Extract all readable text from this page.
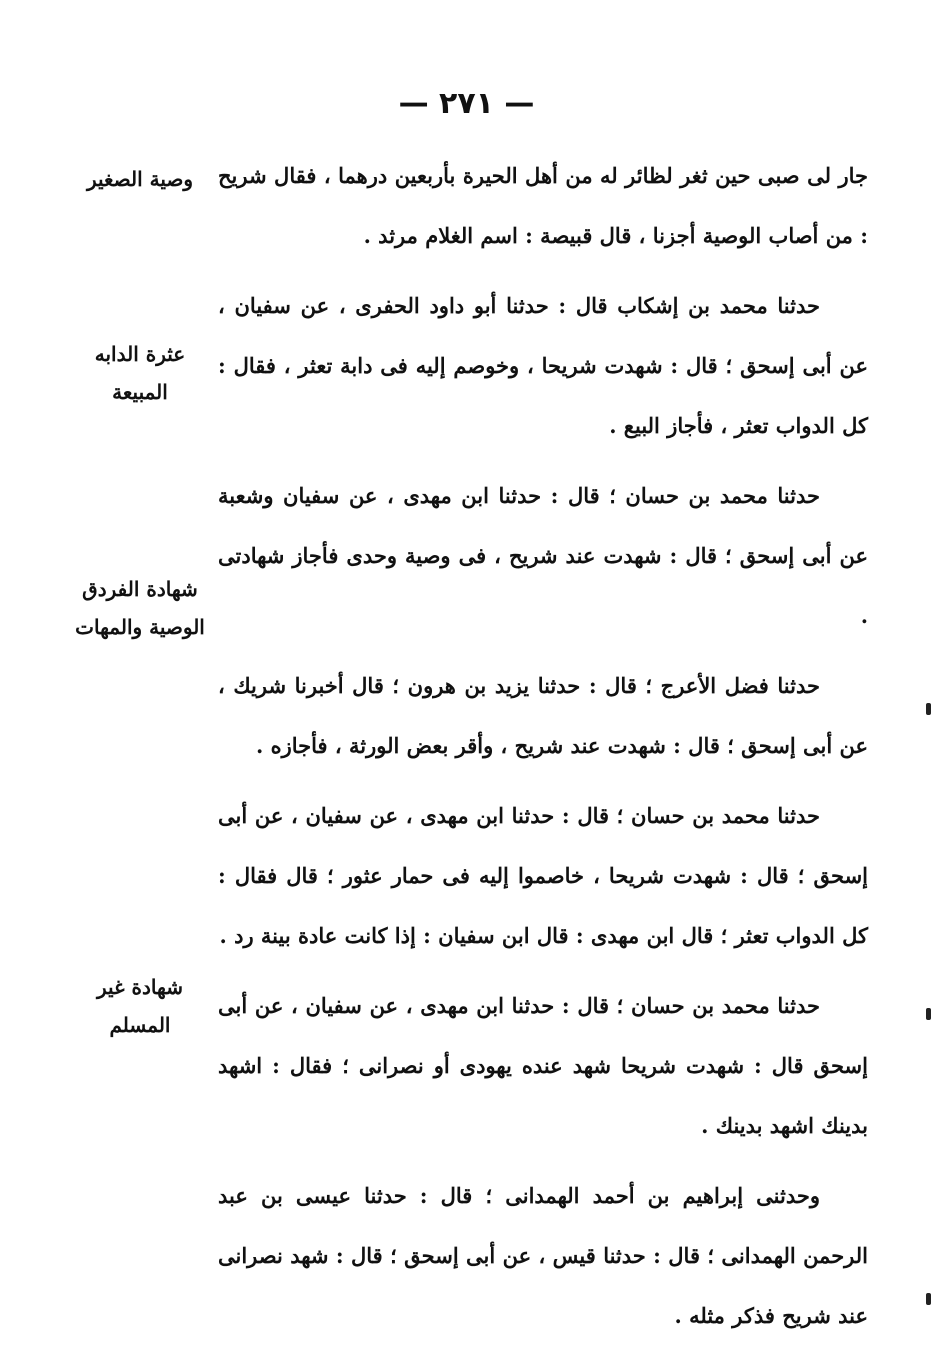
— ٢٧١ —
وصية الصغير
عثرة الدابه المبيعة
شهادة الفردق الوصية والمهات
شهادة غير المسلم

جار لى صبى حين ثغر لظائر له من أهل الحيرة بأربعين درهما ، فقال شريح : من أصاب الوصية أجزنا ، قال قبيصة : اسم الغلام مرثد .

حدثنا محمد بن إشكاب قال : حدثنا أبو داود الحفرى ، عن سفيان ، عن أبى إسحق ؛ قال : شهدت شريحا ، وخوصم إليه فى دابة تعثر ، فقال : كل الدواب تعثر ، فأجاز البيع .

حدثنا محمد بن حسان ؛ قال : حدثنا ابن مهدى ، عن سفيان وشعبة عن أبى إسحق ؛ قال : شهدت عند شريح ، فى وصية وحدى فأجاز شهادتى .

حدثنا فضل الأعرج ؛ قال : حدثنا يزيد بن هرون ؛ قال أخبرنا شريك ، عن أبى إسحق ؛ قال : شهدت عند شريح ، وأقر بعض الورثة ، فأجازه .

حدثنا محمد بن حسان ؛ قال : حدثنا ابن مهدى ، عن سفيان ، عن أبى إسحق ؛ قال : شهدت شريحا ، خاصموا إليه فى حمار عثور ؛ قال فقال : كل الدواب تعثر ؛ قال ابن مهدى : قال ابن سفيان : إذا كانت عادة بينة رد .

حدثنا محمد بن حسان ؛ قال : حدثنا ابن مهدى ، عن سفيان ، عن أبى إسحق قال : شهدت شريحا شهد عنده يهودى أو نصرانى ؛ فقال : اشهد بدينك اشهد بدينك .

وحدثنى إبراهيم بن أحمد الهمدانى ؛ قال : حدثنا عيسى بن عبد الرحمن الهمدانى ؛ قال : حدثنا قيس ، عن أبى إسحق ؛ قال : شهد نصرانى عند شريح فذكر مثله .
